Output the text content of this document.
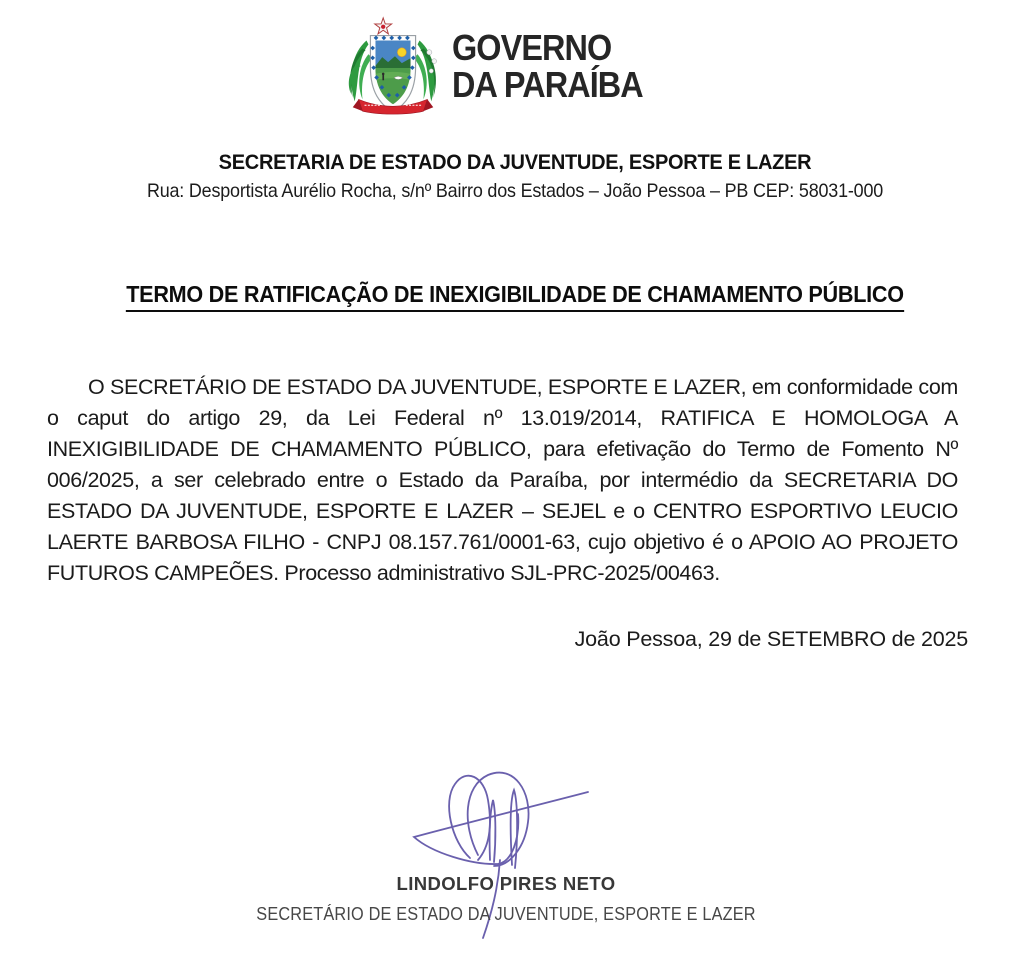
GOVERNO
DA PARAÍBA
SECRETARIA DE ESTADO DA JUVENTUDE, ESPORTE E LAZER
Rua: Desportista Aurélio Rocha, s/nº Bairro dos Estados – João Pessoa – PB CEP: 58031-000
TERMO DE RATIFICAÇÃO DE INEXIGIBILIDADE DE CHAMAMENTO PÚBLICO

O SECRETÁRIO DE ESTADO DA JUVENTUDE, ESPORTE E LAZER, em conformidade com o caput do artigo 29, da Lei Federal nº 13.019/2014, RATIFICA E HOMOLOGA A INEXIGIBILIDADE DE CHAMAMENTO PÚBLICO, para efetivação do Termo de Fomento Nº 006/2025, a ser celebrado entre o Estado da Paraíba, por intermédio da SECRETARIA DO ESTADO DA JUVENTUDE, ESPORTE E LAZER – SEJEL e o CENTRO ESPORTIVO LEUCIO LAERTE BARBOSA FILHO - CNPJ 08.157.761/0001-63, cujo objetivo é o APOIO AO PROJETO FUTUROS CAMPEÕES. Processo administrativo SJL-PRC-2025/00463.

João Pessoa, 29 de SETEMBRO de 2025

LINDOLFO PIRES NETO
SECRETÁRIO DE ESTADO DA JUVENTUDE, ESPORTE E LAZER
